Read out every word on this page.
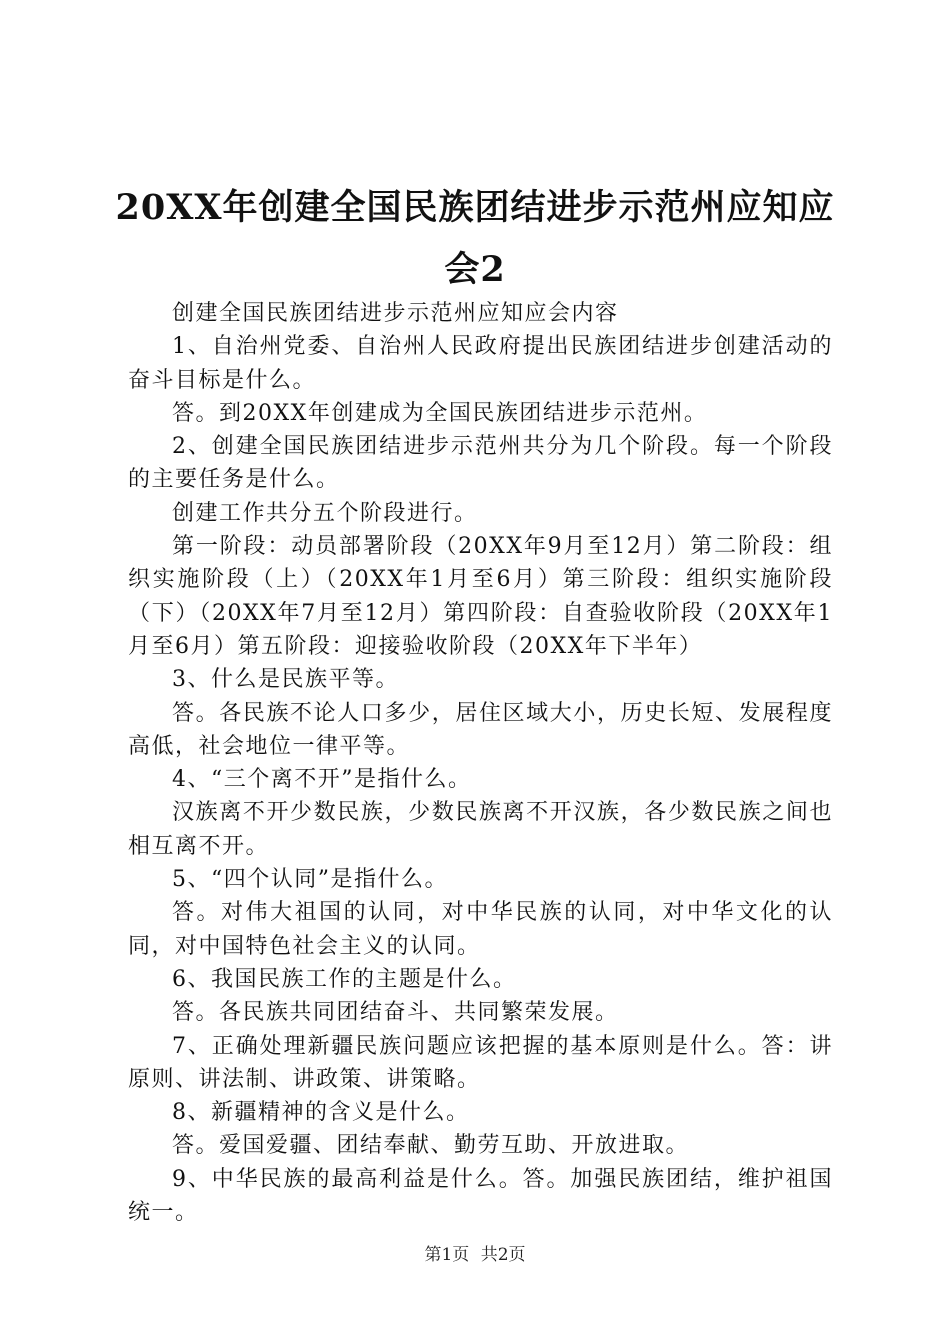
20XX年创建全国民族团结进步示范州应知应
会2

创建全国民族团结进步示范州应知应会内容

1、自治州党委、自治州人民政府提出民族团结进步创建活动的奋斗目标是什么。

答。到20XX年创建成为全国民族团结进步示范州。

2、创建全国民族团结进步示范州共分为几个阶段。每一个阶段的主要任务是什么。

创建工作共分五个阶段进行。

第一阶段：动员部署阶段（20XX年9月至12月）第二阶段：组织实施阶段（上）（20XX年1月至6月）第三阶段：组织实施阶段（下）（20XX年7月至12月）第四阶段：自查验收阶段（20XX年1月至6月）第五阶段：迎接验收阶段（20XX年下半年）

3、什么是民族平等。

答。各民族不论人口多少，居住区域大小，历史长短、发展程度高低，社会地位一律平等。

4、“三个离不开”是指什么。

汉族离不开少数民族，少数民族离不开汉族，各少数民族之间也相互离不开。

5、“四个认同”是指什么。

答。对伟大祖国的认同，对中华民族的认同，对中华文化的认同，对中国特色社会主义的认同。

6、我国民族工作的主题是什么。

答。各民族共同团结奋斗、共同繁荣发展。

7、正确处理新疆民族问题应该把握的基本原则是什么。答：讲原则、讲法制、讲政策、讲策略。

8、新疆精神的含义是什么。

答。爱国爱疆、团结奉献、勤劳互助、开放进取。

9、中华民族的最高利益是什么。答。加强民族团结，维护祖国统一。

第1页 共2页
